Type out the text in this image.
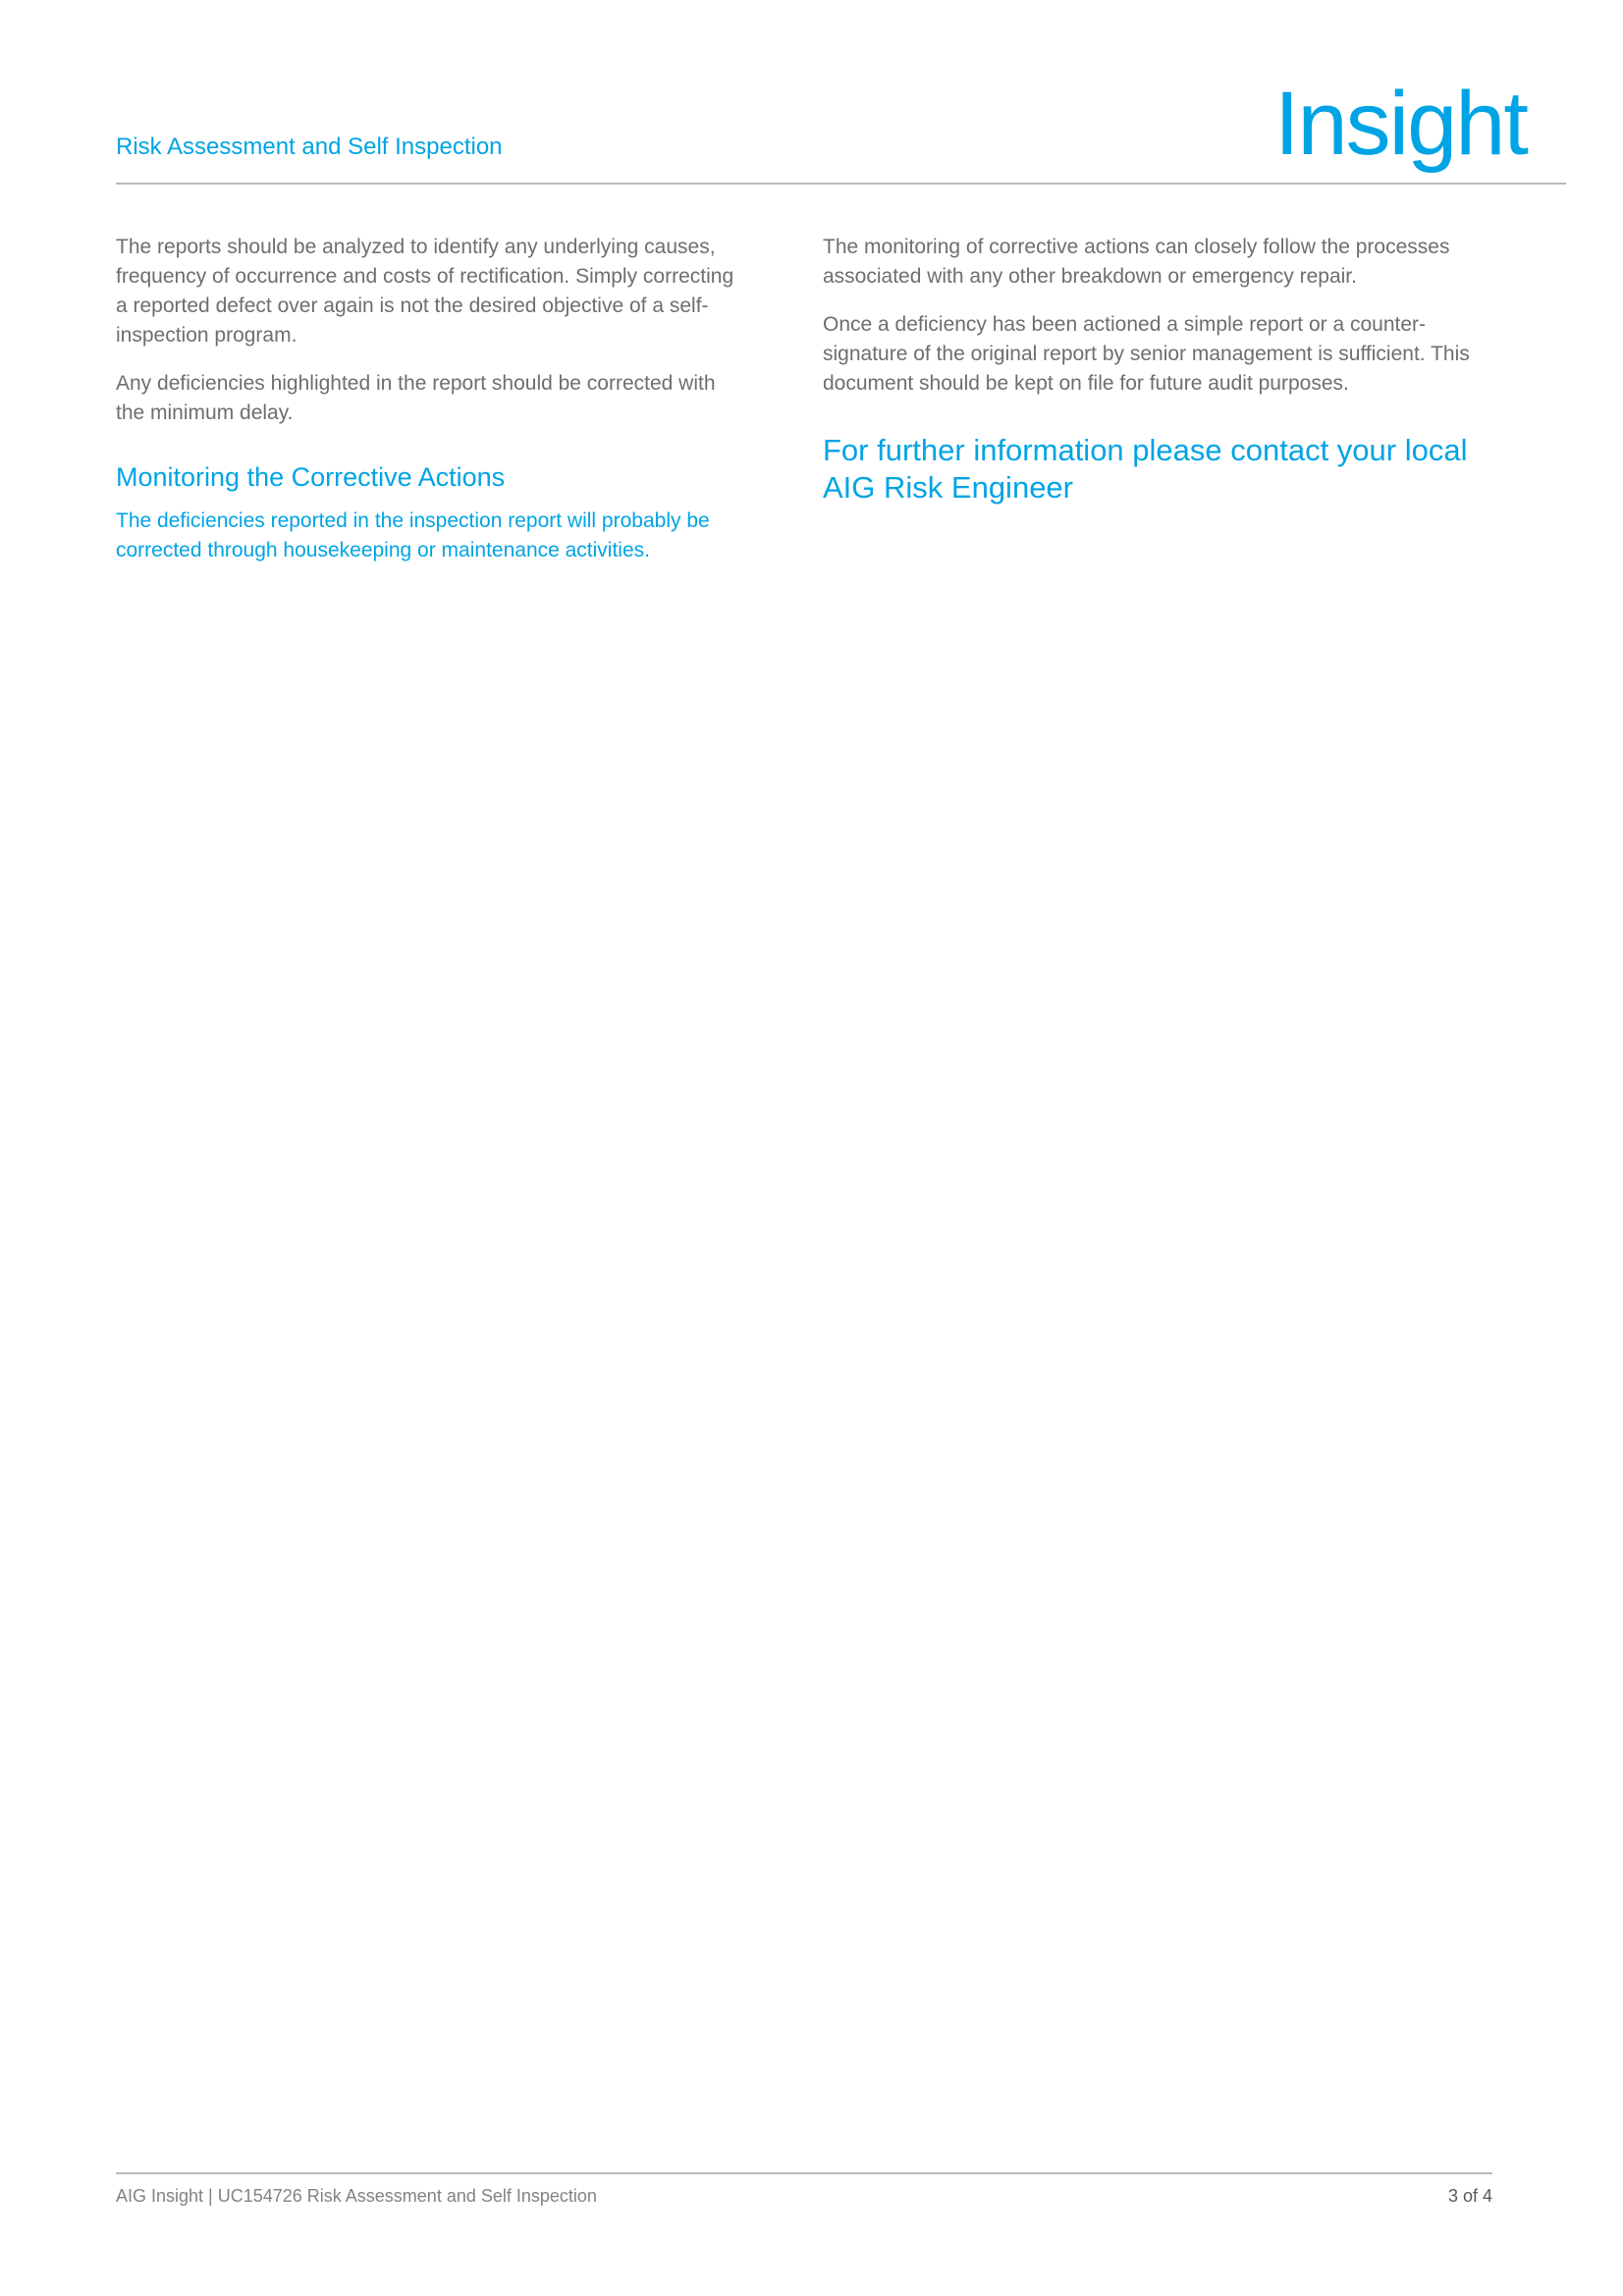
Insight
Risk Assessment and Self Inspection

The reports should be analyzed to identify any underlying causes, frequency of occurrence and costs of rectification. Simply correcting a reported defect over again is not the desired objective of a self-inspection program.

Any deficiencies highlighted in the report should be corrected with the minimum delay.

Monitoring the Corrective Actions

The deficiencies reported in the inspection report will probably be corrected through housekeeping or maintenance activities.

The monitoring of corrective actions can closely follow the processes associated with any other breakdown or emergency repair.

Once a deficiency has been actioned a simple report or a counter-signature of the original report by senior management is sufficient. This document should be kept on file for future audit purposes.

For further information please contact your local AIG Risk Engineer
AIG Insight | UC154726 Risk Assessment and Self Inspection	3 of 4
